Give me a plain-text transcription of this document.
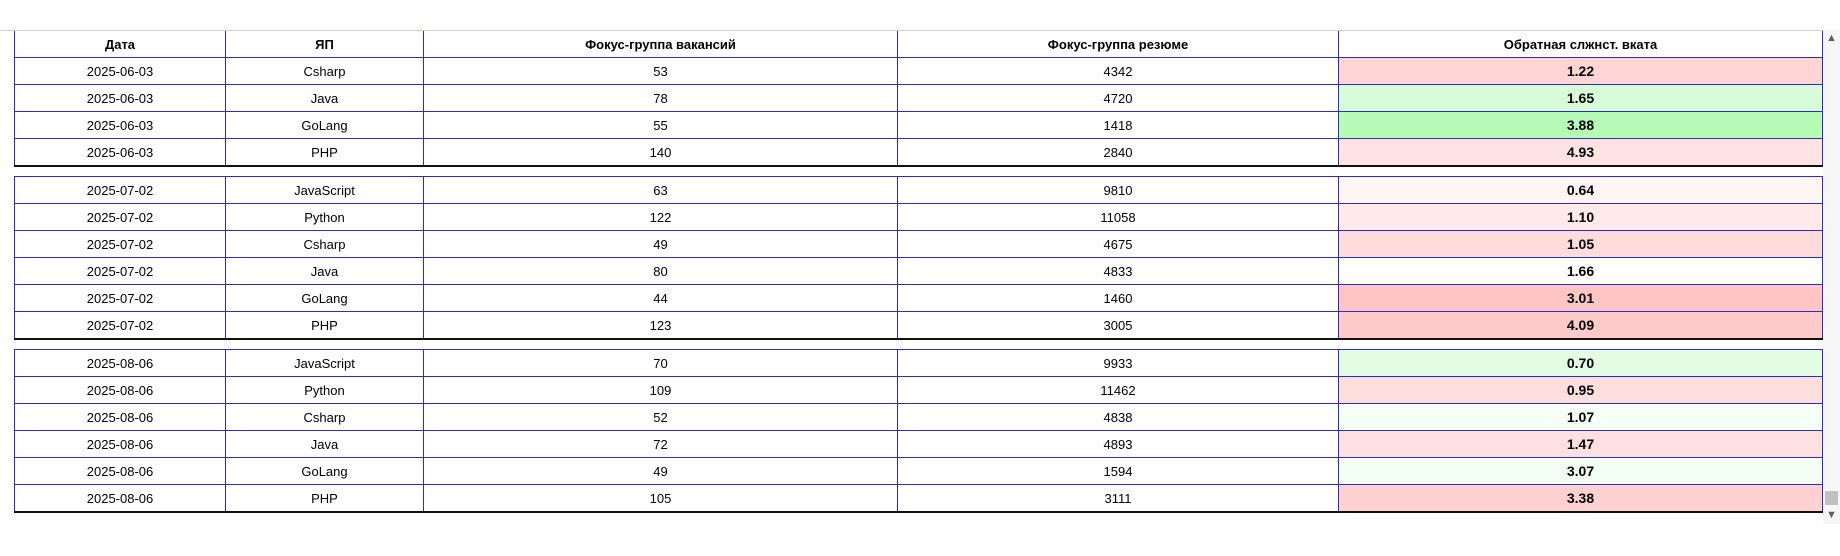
Дата	ЯП	Фокус-группа вакансий	Фокус-группа резюме	Обратная слжнст. вката
2025-06-03	Csharp	53	4342	1.22
2025-06-03	Java	78	4720	1.65
2025-06-03	GoLang	55	1418	3.88
2025-06-03	PHP	140	2840	4.93

2025-07-02	JavaScript	63	9810	0.64
2025-07-02	Python	122	11058	1.10
2025-07-02	Csharp	49	4675	1.05
2025-07-02	Java	80	4833	1.66
2025-07-02	GoLang	44	1460	3.01
2025-07-02	PHP	123	3005	4.09

2025-08-06	JavaScript	70	9933	0.70
2025-08-06	Python	109	11462	0.95
2025-08-06	Csharp	52	4838	1.07
2025-08-06	Java	72	4893	1.47
2025-08-06	GoLang	49	1594	3.07
2025-08-06	PHP	105	3111	3.38
▲
▼
